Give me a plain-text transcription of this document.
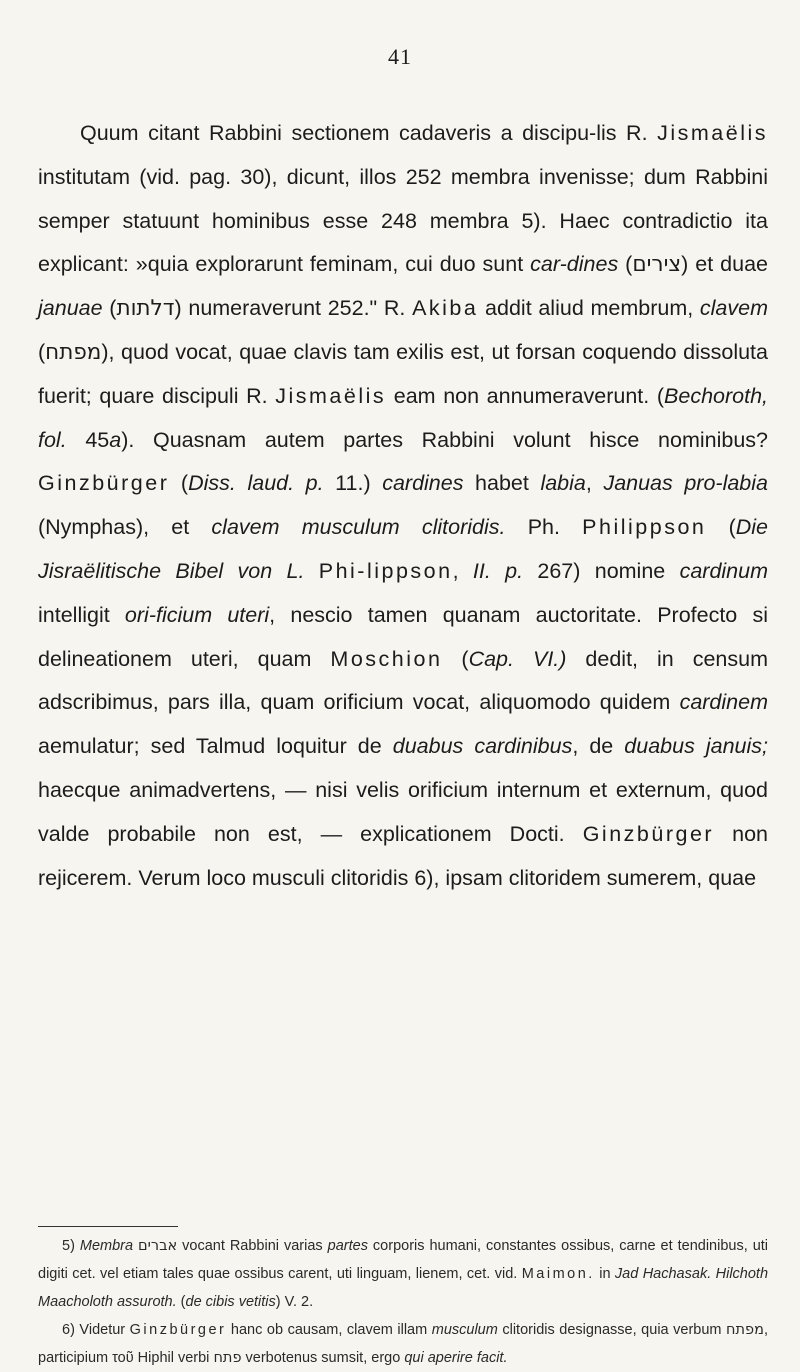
41

Quum citant Rabbini sectionem cadaveris a discipu-lis R. Jismaëlis institutam (vid. pag. 30), dicunt, illos 252 membra invenisse; dum Rabbini semper statuunt hominibus esse 248 membra 5). Haec contradictio ita explicant: »quia explorarunt feminam, cui duo sunt car-dines (צירים) et duae januae (דלתות) numeraverunt 252." R. Akiba addit aliud membrum, clavem (מפתח), quod vocat, quae clavis tam exilis est, ut forsan coquendo dissoluta fuerit; quare discipuli R. Jismaëlis eam non annumeraverunt. (Bechoroth, fol. 45a). Quasnam autem partes Rabbini volunt hisce nominibus? Ginzbürger (Diss. laud. p. 11.) cardines habet labia, Januas pro-labia (Nymphas), et clavem musculum clitoridis. Ph. Philippson (Die Jisraëlitische Bibel von L. Phi-lippson, II. p. 267) nomine cardinum intelligit ori-ficium uteri, nescio tamen quanam auctoritate. Profecto si delineationem uteri, quam Moschion (Cap. VI.) dedit, in censum adscribimus, pars illa, quam orificium vocat, aliquomodo quidem cardinem aemulatur; sed Talmud loquitur de duabus cardinibus, de duabus januis; haecque animadvertens, — nisi velis orificium internum et externum, quod valde probabile non est, — explicationem Docti. Ginzbürger non rejicerem. Verum loco musculi clitoridis 6), ipsam clitoridem sumerem, quae

5) Membra אברים vocant Rabbini varias partes corporis humani, constantes ossibus, carne et tendinibus, uti digiti cet. vel etiam tales quae ossibus carent, uti linguam, lienem, cet. vid. Maimon. in Jad Hachasak. Hilchoth Maacholoth assuroth. (de cibis vetitis) V. 2.

6) Videtur Ginzbürger hanc ob causam, clavem illam musculum clitoridis designasse, quia verbum מפתח, participium τοῦ Hiphil verbi פתח verbotenus sumsit, ergo qui aperire facit.
